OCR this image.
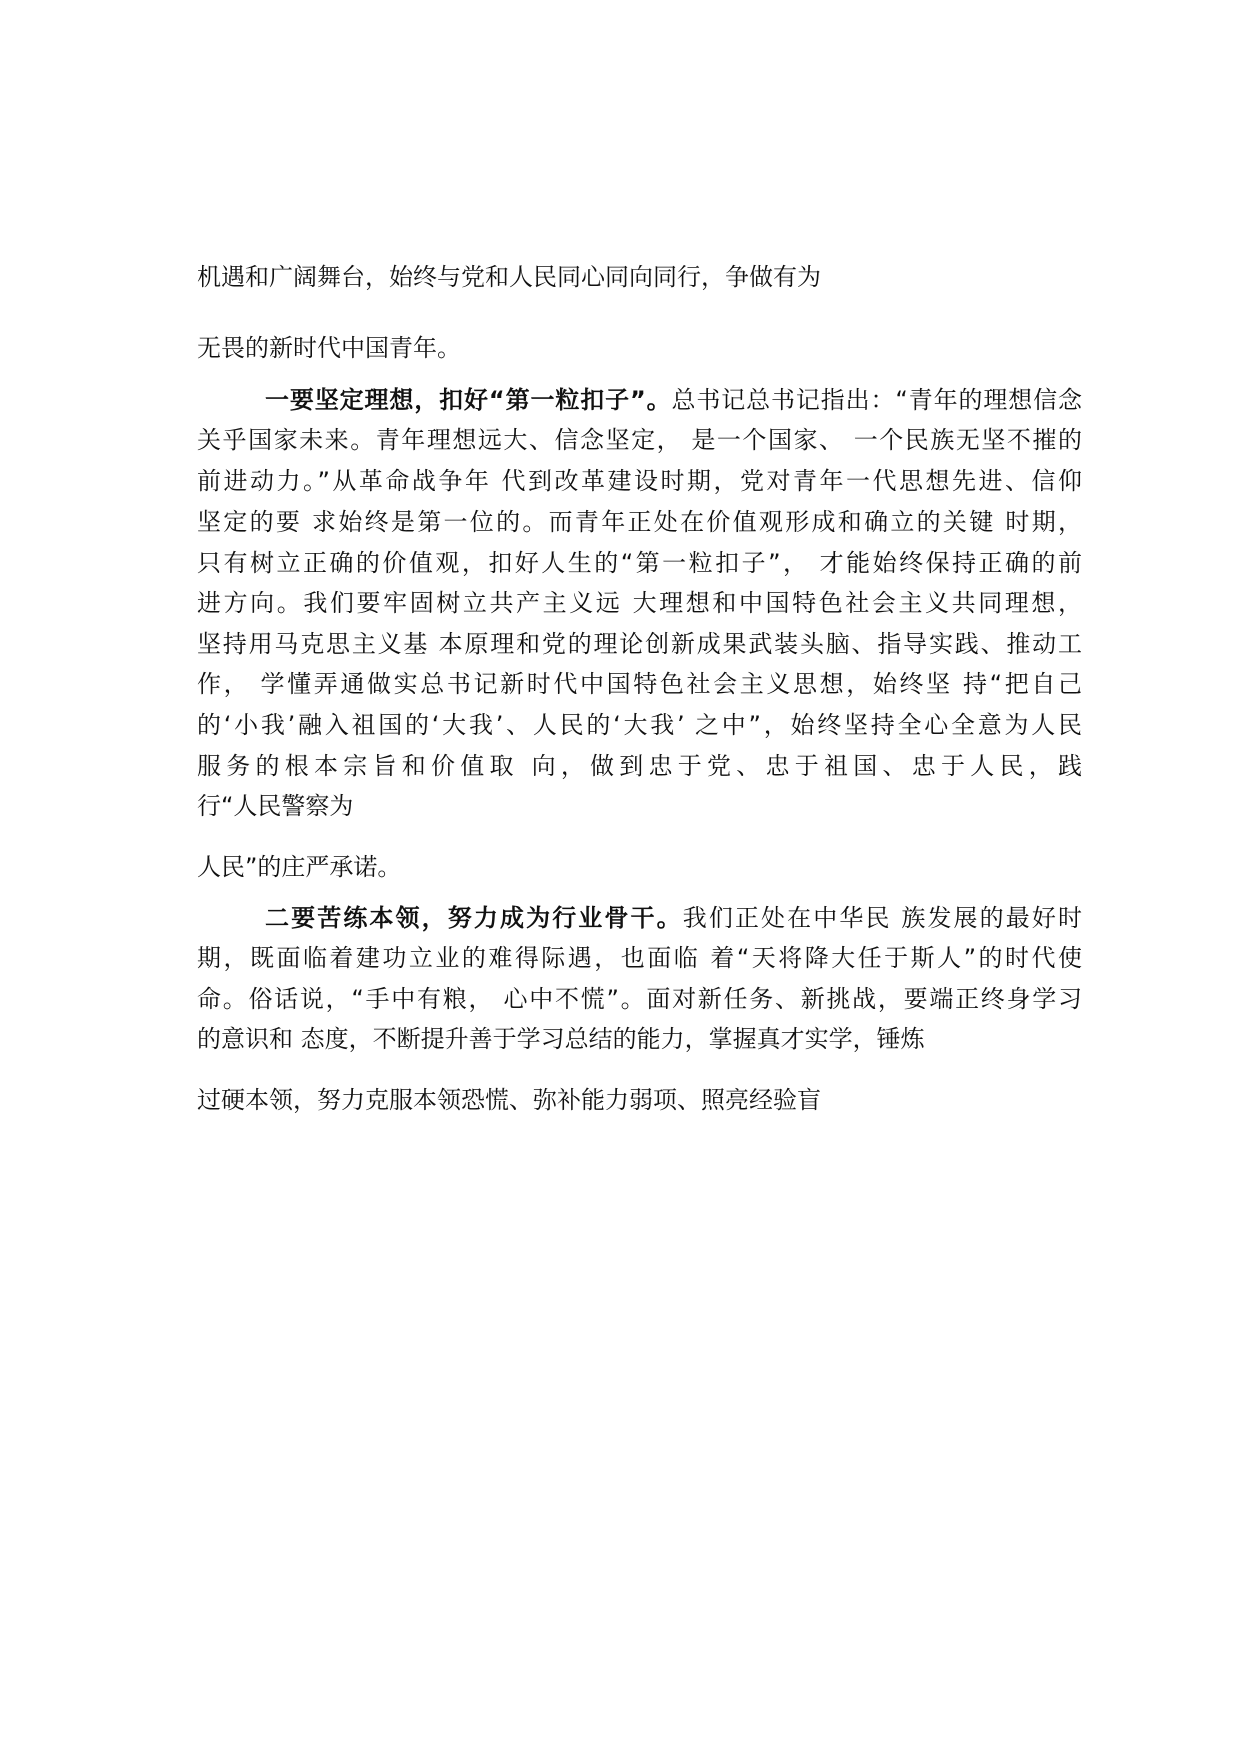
机遇和广阔舞台，始终与党和人民同心同向同行，争做有为
无畏的新时代中国青年。
一要坚定理想，扣好“第一粒扣子”。总书记总书记指出：“青年的理想信念
关乎国家未来。青年理想远大、信念坚定， 是一个国家、 一个民族无坚不摧的
前进动力。”从革命战争年 代到改革建设时期，党对青年一代思想先进、信仰
坚定的要 求始终是第一位的。而青年正处在价值观形成和确立的关键 时期，
只有树立正确的价值观，扣好人生的“第一粒扣子”， 才能始终保持正确的前
进方向。我们要牢固树立共产主义远 大理想和中国特色社会主义共同理想，
坚持用马克思主义基 本原理和党的理论创新成果武装头脑、指导实践、推动工
作， 学懂弄通做实总书记新时代中国特色社会主义思想，始终坚 持“把自己
的‘小我’融入祖国的‘大我’、人民的‘大我’ 之中”，始终坚持全心全意为人民
服务的根本宗旨和价值取 向，做到忠于党、忠于祖国、忠于人民，践
行“人民警察为
人民”的庄严承诺。
二要苦练本领，努力成为行业骨干。我们正处在中华民 族发展的最好时
期，既面临着建功立业的难得际遇，也面临 着“天将降大任于斯人”的时代使
命。俗话说，“手中有粮， 心中不慌”。面对新任务、新挑战，要端正终身学习
的意识和 态度，不断提升善于学习总结的能力，掌握真才实学，锤炼
过硬本领，努力克服本领恐慌、弥补能力弱项、照亮经验盲
